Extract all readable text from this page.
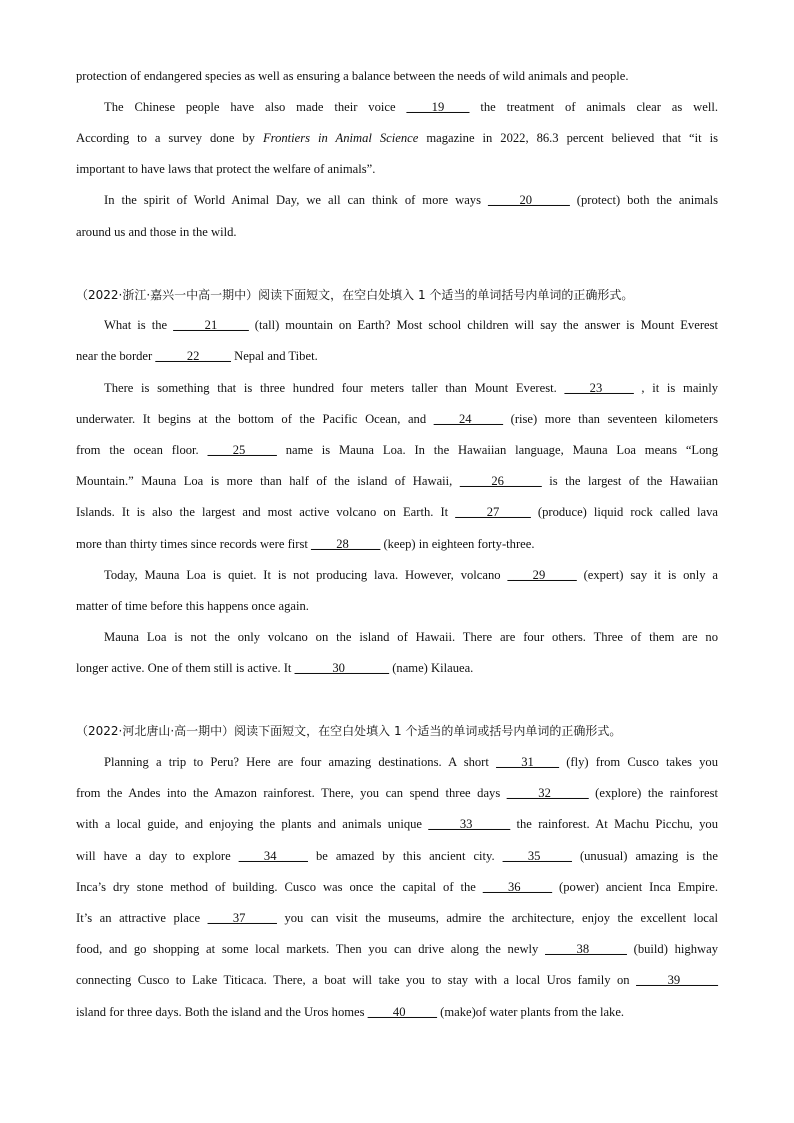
protection of endangered species as well as ensuring a balance between the needs of wild animals and people.
The Chinese people have also made their voice ____19____ the treatment of animals clear as well.
According to a survey done by Frontiers in Animal Science magazine in 2022, 86.3 percent believed that “it is
important to have laws that protect the welfare of animals”.
In the spirit of World Animal Day, we all can think of more ways _____20______ (protect) both the animals
around us and those in the wild.
（2022·浙江·嘉兴一中高一期中）阅读下面短文，在空白处填入 1 个适当的单词括号内单词的正确形式。
What is the _____21_____ (tall) mountain on Earth? Most school children will say the answer is Mount Everest
near the border _____22_____ Nepal and Tibet.
There is something that is three hundred four meters taller than Mount Everest. ____23_____ , it is mainly
underwater. It begins at the bottom of the Pacific Ocean, and ____24_____ (rise) more than seventeen kilometers
from the ocean floor. ____25_____ name is Mauna Loa. In the Hawaiian language, Mauna Loa means “Long
Mountain.” Mauna Loa is more than half of the island of Hawaii, _____26______ is the largest of the Hawaiian
Islands. It is also the largest and most active volcano on Earth. It _____27_____ (produce) liquid rock called lava
more than thirty times since records were first ____28_____ (keep) in eighteen forty-three.
Today, Mauna Loa is quiet. It is not producing lava. However, volcano ____29_____ (expert) say it is only a
matter of time before this happens once again.
Mauna Loa is not the only volcano on the island of Hawaii. There are four others. Three of them are no
longer active. One of them still is active. It ______30_______ (name) Kilauea.
（2022·河北唐山·高一期中）阅读下面短文，在空白处填入 1 个适当的单词或括号内单词的正确形式。
Planning a trip to Peru? Here are four amazing destinations. A short ____31____ (fly) from Cusco takes you
from the Andes into the Amazon rainforest. There, you can spend three days _____32______ (explore) the rainforest
with a local guide, and enjoying the plants and animals unique _____33______ the rainforest. At Machu Picchu, you
will have a day to explore ____34_____ be amazed by this ancient city. ____35_____ (unusual) amazing is the
Inca’s dry stone method of building. Cusco was once the capital of the ____36_____ (power) ancient Inca Empire.
It’s an attractive place ____37_____ you can visit the museums, admire the architecture, enjoy the excellent local
food, and go shopping at some local markets. Then you can drive along the newly _____38______ (build) highway
connecting Cusco to Lake Titicaca. There, a boat will take you to stay with a local Uros family on _____39______
island for three days. Both the island and the Uros homes ____40_____ (make)of water plants from the lake.
